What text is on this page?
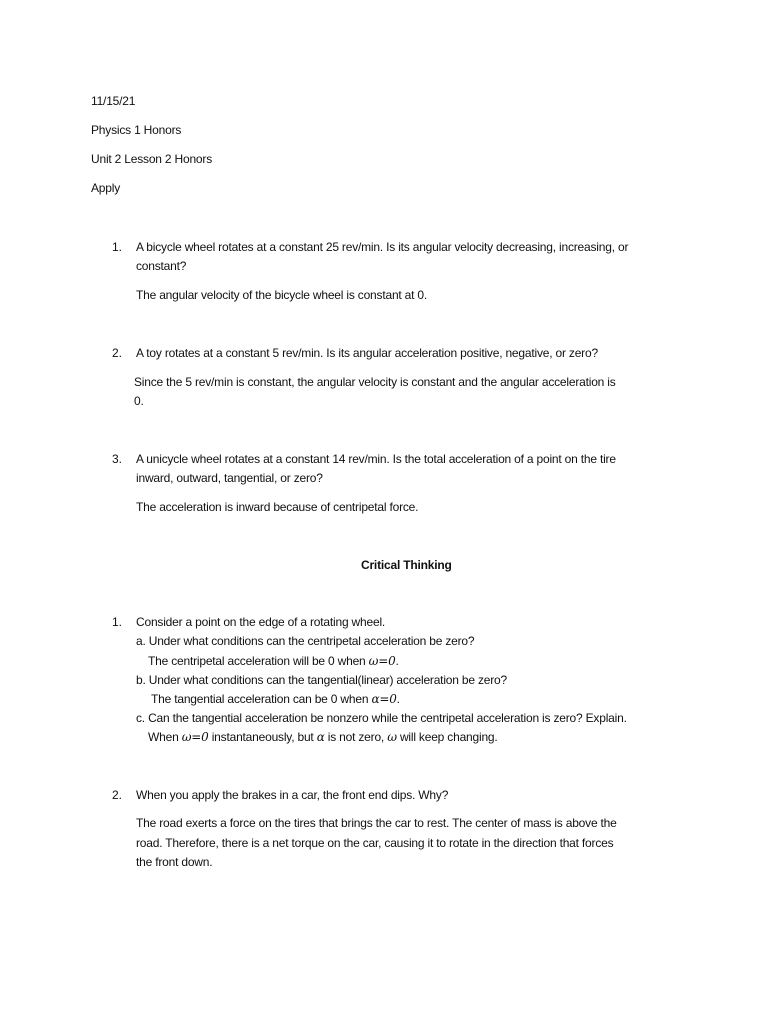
11/15/21
Physics 1 Honors
Unit 2 Lesson 2 Honors
Apply
1. A bicycle wheel rotates at a constant 25 rev/min. Is its angular velocity decreasing, increasing, or
constant?
The angular velocity of the bicycle wheel is constant at 0.
2. A toy rotates at a constant 5 rev/min. Is its angular acceleration positive, negative, or zero?
Since the 5 rev/min is constant, the angular velocity is constant and the angular acceleration is
0.
3. A unicycle wheel rotates at a constant 14 rev/min. Is the total acceleration of a point on the tire
inward, outward, tangential, or zero?
The acceleration is inward because of centripetal force.
Critical Thinking
1. Consider a point on the edge of a rotating wheel.
a. Under what conditions can the centripetal acceleration be zero?
The centripetal acceleration will be 0 when ω=0.
b. Under what conditions can the tangential(linear) acceleration be zero?
The tangential acceleration can be 0 when α=0.
c. Can the tangential acceleration be nonzero while the centripetal acceleration is zero? Explain.
When ω=0 instantaneously, but α is not zero, ω will keep changing.
2. When you apply the brakes in a car, the front end dips. Why?
The road exerts a force on the tires that brings the car to rest. The center of mass is above the
road. Therefore, there is a net torque on the car, causing it to rotate in the direction that forces
the front down.
